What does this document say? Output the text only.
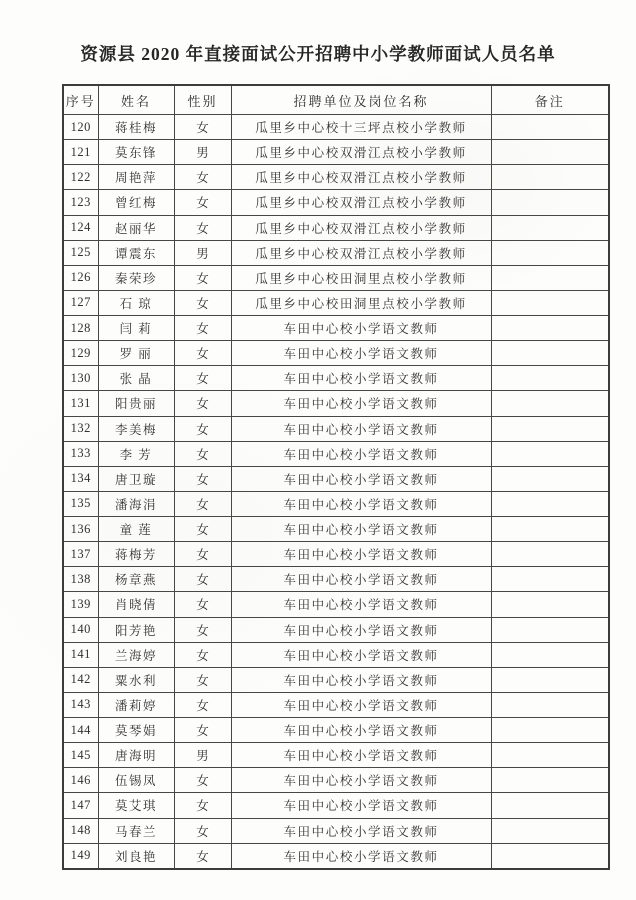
资源县 2020 年直接面试公开招聘中小学教师面试人员名单
序号	姓名	性别	招聘单位及岗位名称	备注
120	蒋桂梅	女	瓜里乡中心校十三坪点校小学教师	
121	莫东锋	男	瓜里乡中心校双滑江点校小学教师	
122	周艳萍	女	瓜里乡中心校双滑江点校小学教师	
123	曾红梅	女	瓜里乡中心校双滑江点校小学教师	
124	赵丽华	女	瓜里乡中心校双滑江点校小学教师	
125	谭震东	男	瓜里乡中心校双滑江点校小学教师	
126	秦荣珍	女	瓜里乡中心校田洞里点校小学教师	
127	石 琼	女	瓜里乡中心校田洞里点校小学教师	
128	闫 莉	女	车田中心校小学语文教师	
129	罗 丽	女	车田中心校小学语文教师	
130	张 晶	女	车田中心校小学语文教师	
131	阳贵丽	女	车田中心校小学语文教师	
132	李美梅	女	车田中心校小学语文教师	
133	李 芳	女	车田中心校小学语文教师	
134	唐卫璇	女	车田中心校小学语文教师	
135	潘海涓	女	车田中心校小学语文教师	
136	童 莲	女	车田中心校小学语文教师	
137	蒋梅芳	女	车田中心校小学语文教师	
138	杨章燕	女	车田中心校小学语文教师	
139	肖晓倩	女	车田中心校小学语文教师	
140	阳芳艳	女	车田中心校小学语文教师	
141	兰海婷	女	车田中心校小学语文教师	
142	粟水利	女	车田中心校小学语文教师	
143	潘莉婷	女	车田中心校小学语文教师	
144	莫琴娟	女	车田中心校小学语文教师	
145	唐海明	男	车田中心校小学语文教师	
146	伍锡凤	女	车田中心校小学语文教师	
147	莫艾琪	女	车田中心校小学语文教师	
148	马春兰	女	车田中心校小学语文教师	
149	刘良艳	女	车田中心校小学语文教师	
